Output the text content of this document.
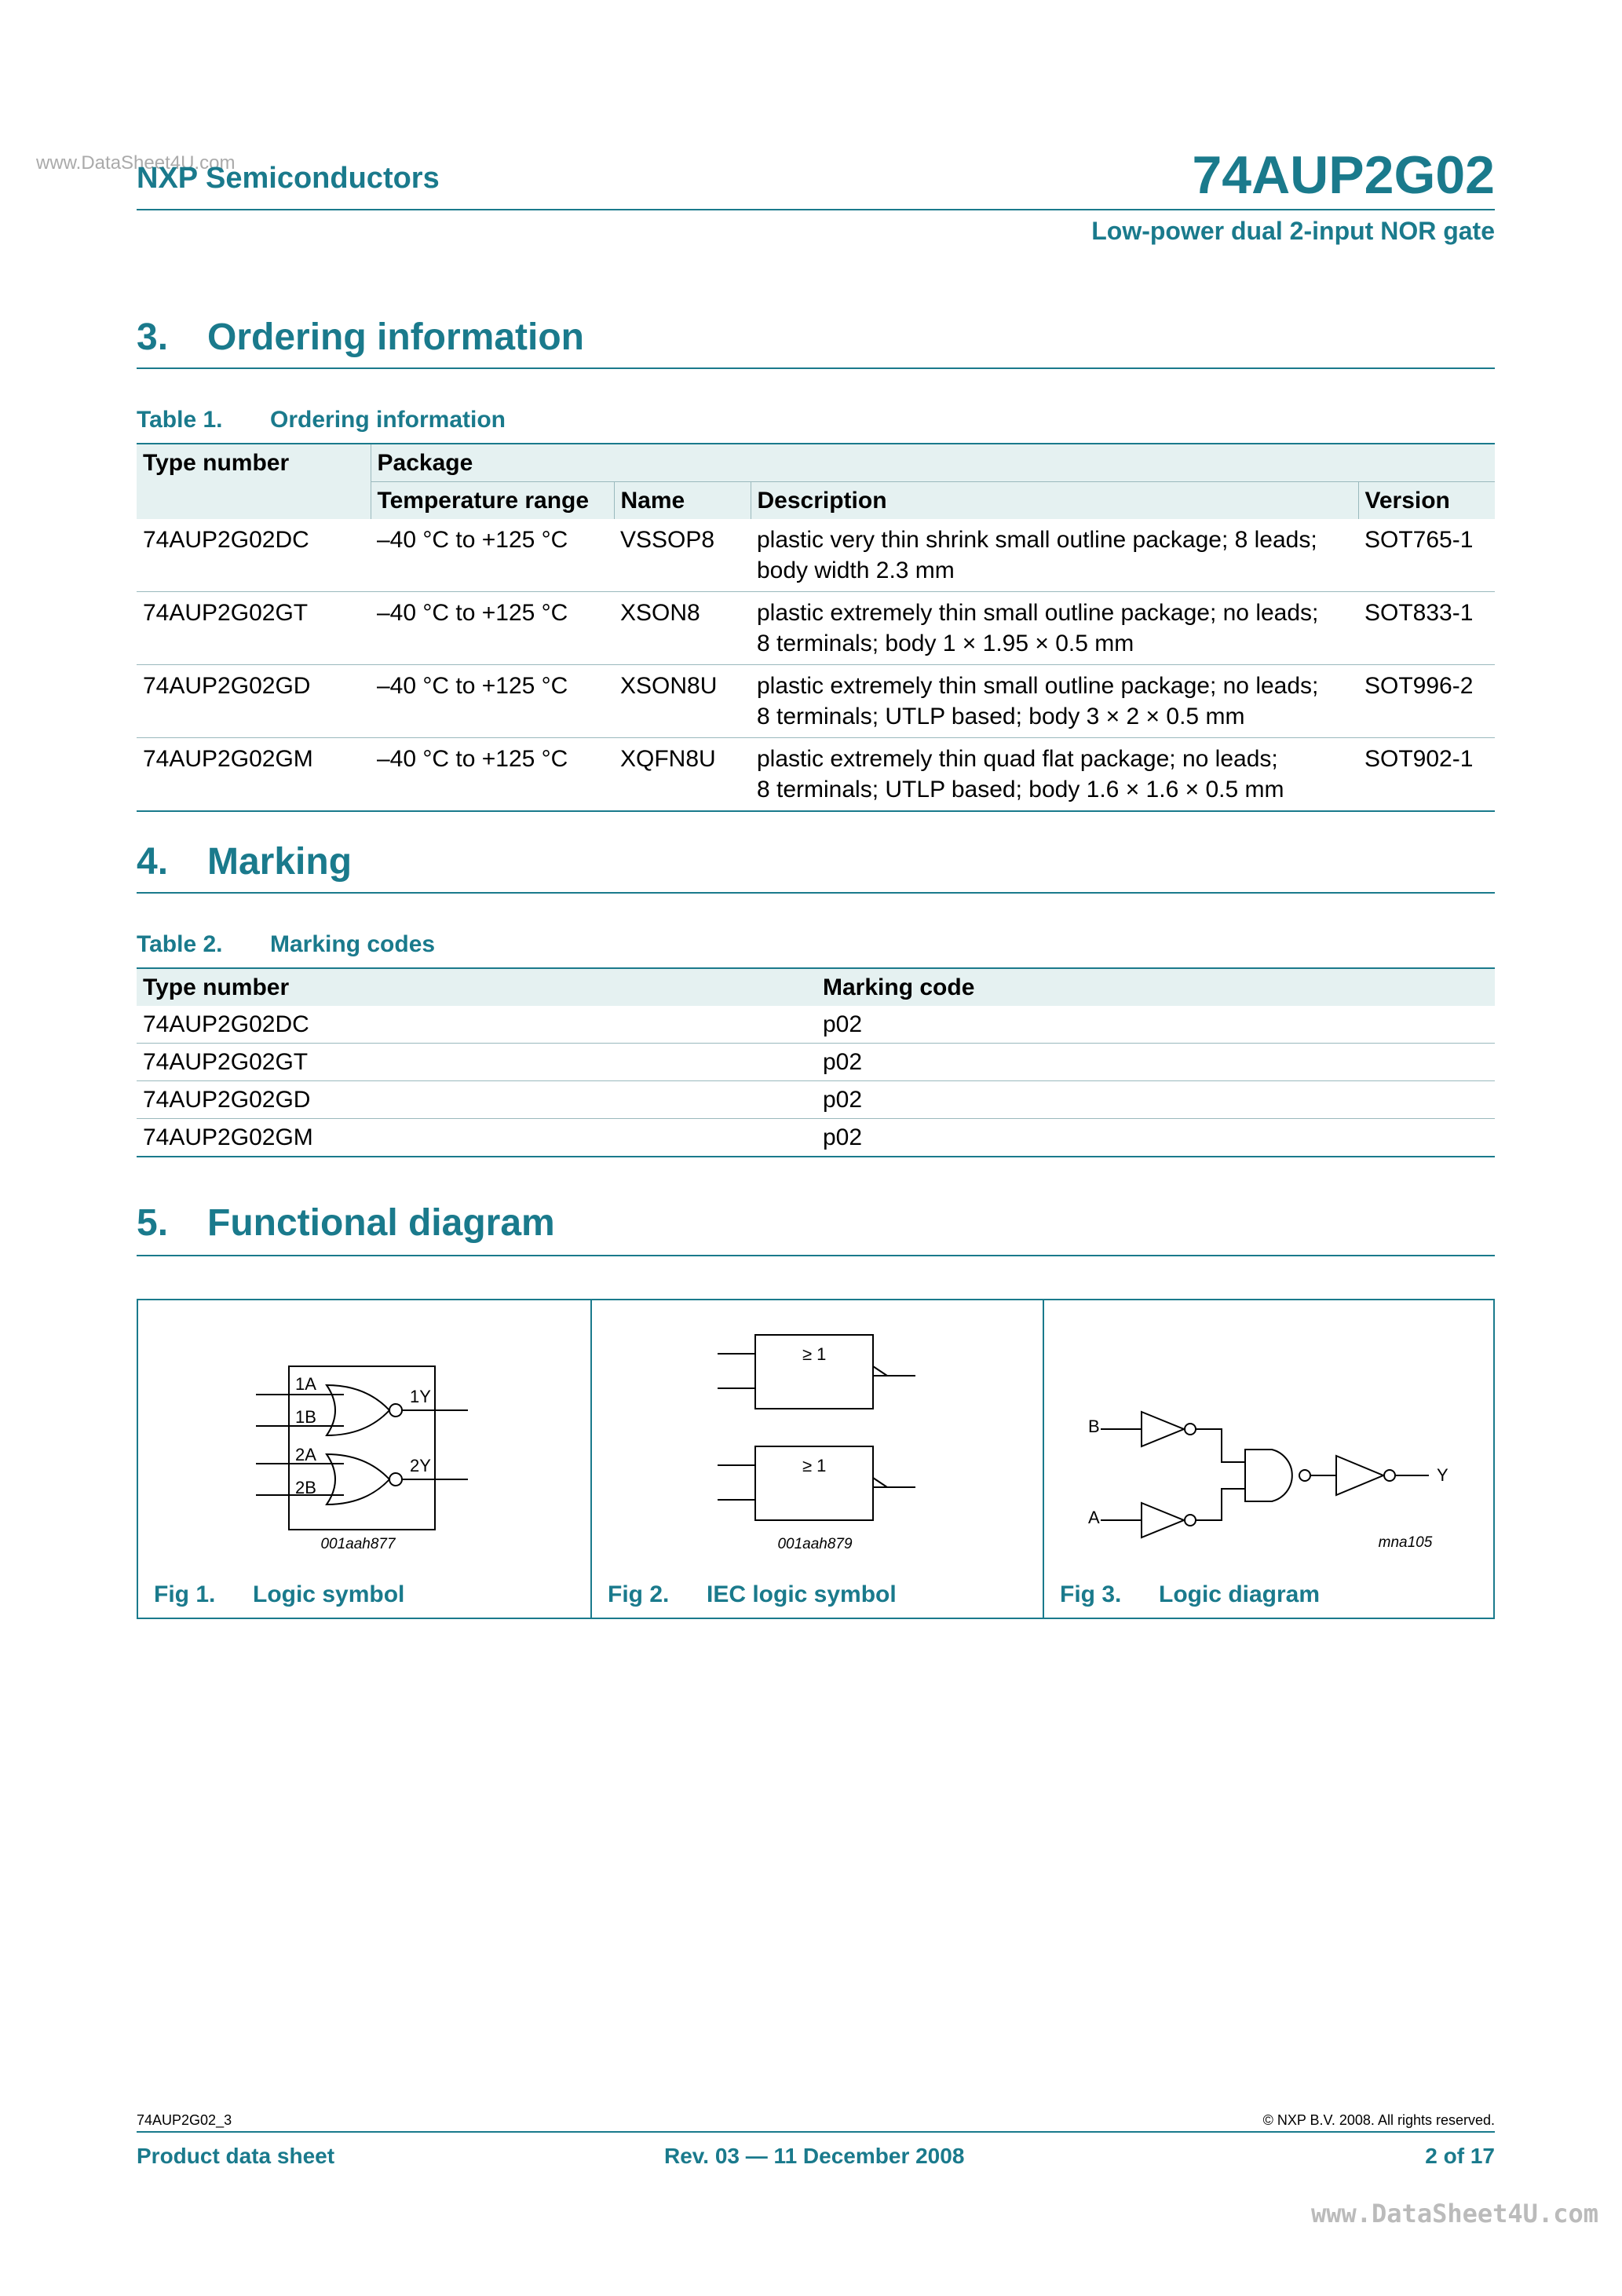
www.DataSheet4U.com
NXP Semiconductors	74AUP2G02
Low-power dual 2-input NOR gate
3. Ordering information
Table 1. Ordering information
Type number	Package			
	Temperature range	Name	Description	Version
74AUP2G02DC	–40 °C to +125 °C	VSSOP8	plastic very thin shrink small outline package; 8 leads;
body width 2.3 mm	SOT765-1
74AUP2G02GT	–40 °C to +125 °C	XSON8	plastic extremely thin small outline package; no leads;
8 terminals; body 1 × 1.95 × 0.5 mm	SOT833-1
74AUP2G02GD	–40 °C to +125 °C	XSON8U	plastic extremely thin small outline package; no leads;
8 terminals; UTLP based; body 3 × 2 × 0.5 mm	SOT996-2
74AUP2G02GM	–40 °C to +125 °C	XQFN8U	plastic extremely thin quad flat package; no leads;
8 terminals; UTLP based; body 1.6 × 1.6 × 0.5 mm	SOT902-1
4. Marking
Table 2. Marking codes
Type number	Marking code
74AUP2G02DC	p02
74AUP2G02GT	p02
74AUP2G02GD	p02
74AUP2G02GM	p02
5. Functional diagram
1A
1B
1Y
2A
2B
2Y
001aah877
Fig 1. Logic symbol
≥ 1
≥ 1
001aah879
Fig 2. IEC logic symbol
B
A
Y
mna105
Fig 3. Logic diagram
74AUP2G02_3	© NXP B.V. 2008. All rights reserved.
Product data sheet	Rev. 03 — 11 December 2008	2 of 17
www.DataSheet4U.com
